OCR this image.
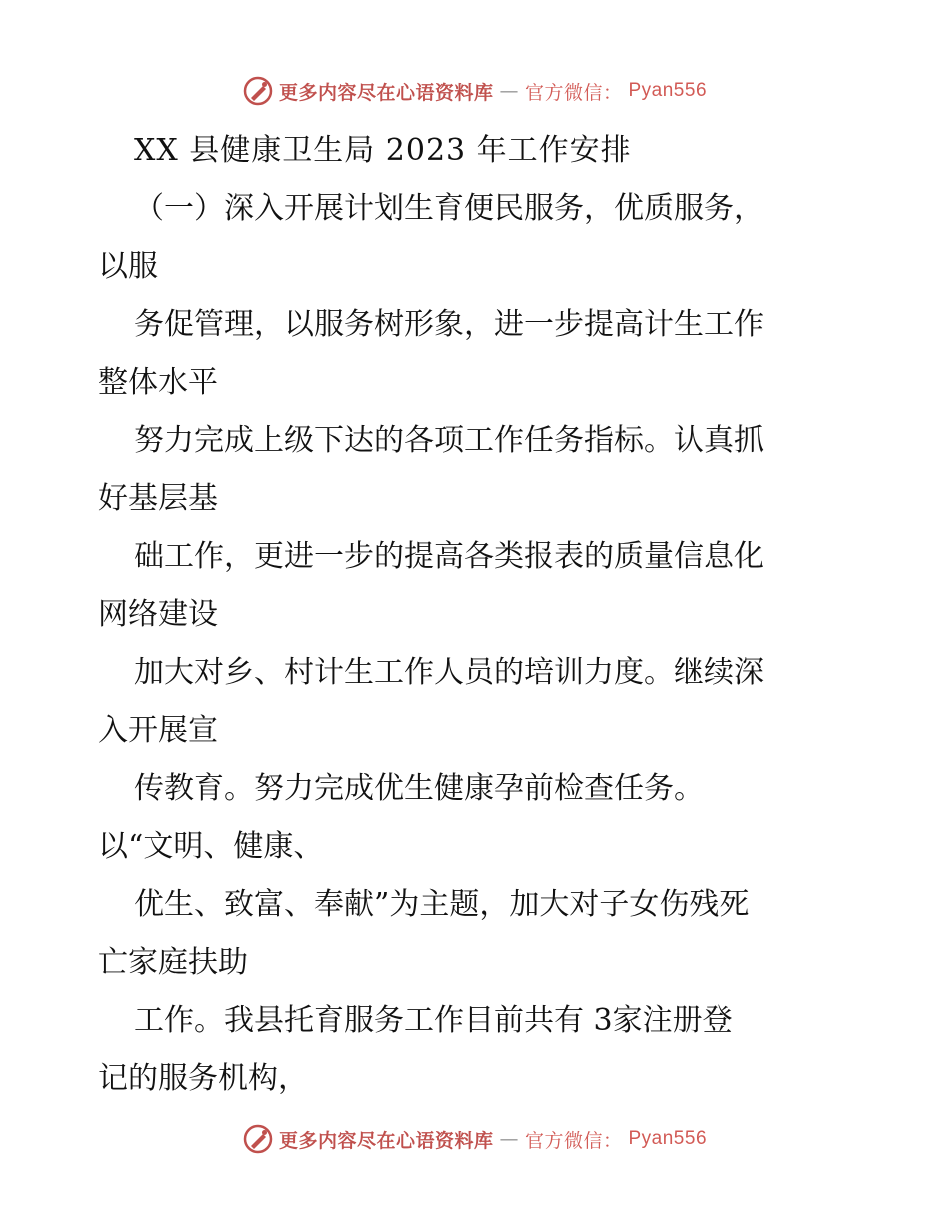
更多内容尽在心语资料库 — 官方微信： Pyan556
XX 县健康卫生局 2023 年工作安排
（一）深入开展计划生育便民服务，优质服务，
以服
务促管理，以服务树形象，进一步提高计生工作
整体水平
努力完成上级下达的各项工作任务指标。认真抓
好基层基
础工作，更进一步的提高各类报表的质量信息化
网络建设
加大对乡、村计生工作人员的培训力度。继续深
入开展宣
传教育。努力完成优生健康孕前检查任务。
以“文明、健康、
优生、致富、奉献”为主题，加大对子女伤残死
亡家庭扶助
工作。我县托育服务工作目前共有 3家注册登
记的服务机构，
更多内容尽在心语资料库 — 官方微信： Pyan556
